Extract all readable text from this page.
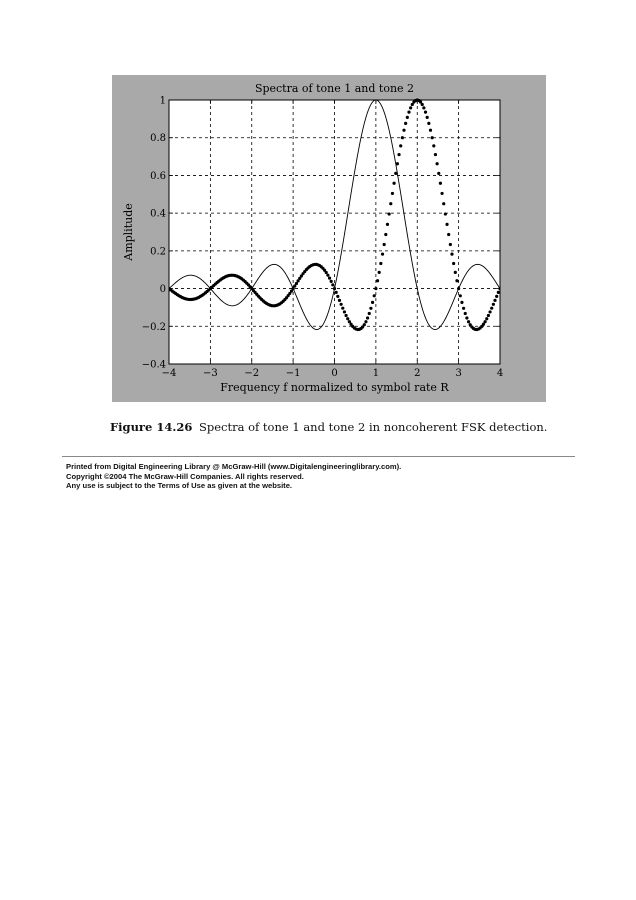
−4	−3	−2	−1	0	1	2	3	4
−0.4
−0.2
0
0.2
0.4
0.6
0.8
1
Spectra of tone 1 and tone 2
Frequency f normalized to symbol rate R
Amplitude
Figure 14.26 Spectra of tone 1 and tone 2 in noncoherent FSK detection.
Printed from Digital Engineering Library @ McGraw-Hill (www.Digitalengineeringlibrary.com).
Copyright ©2004 The McGraw-Hill Companies. All rights reserved.
Any use is subject to the Terms of Use as given at the website.
